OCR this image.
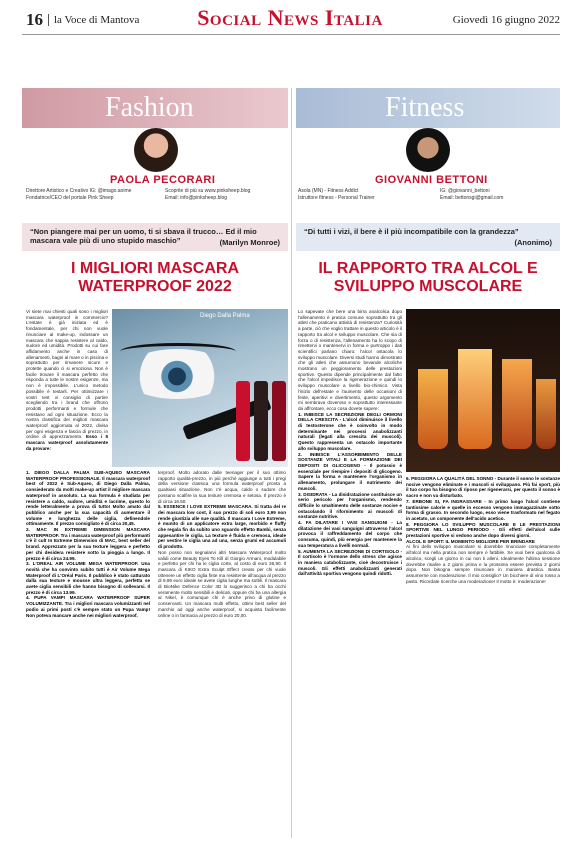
16	la Voce di Mantova	Social News Italia	Giovedì 16 giugno 2022
Fashion
PAOLA PECORARI
Direttore Artistico e Creativo IG: @imago.anime
Fondatrice/CEO del portale Pink Sheep
Scoprite di più su www.pinksheep.blog
Email: info@pinksheep.blog
“Non piangere mai per un uomo, ti si sbava il trucco… Ed il mio mascara vale più di uno stupido maschio”	(Marilyn Monroe)
I MIGLIORI MASCARA WATERPROOF 2022
Vi siete mai chiesti quali sono i migliori mascara waterproof in commercio? L'estate è già iniziata ed è fondamentale, per chi non vuole rinunciare al make-up, indossare un mascara che sappia resistere al caldo, sudore ed umidità. Prodotti su cui fare affidamento anche in caso di allenamenti, bagni al mare o in piscina e soprattutto per rimanere sicure e protette quando ci si emoziona. Non è facile trovare il mascara perfetto che risponda a tutte le nostre esigenze, ma non è impossibile. L'unico metodo possibile è testarli. Per ottimizzare i vostri test vi consiglio di partire scegliendo tra i brand che offrono prodotti performanti e formule che resistano ad ogni situazione. Ecco la nostra classifica dei migliori mascara waterproof aggiornata al 2022, divisa per ogni esigenza e fascia di prezzo, in ordine di apprezzamento. Esso i 5 mascara waterproof assolutamente da provare:
Diego Dalla Palma
1. DIEGO DALLA PALMA SUB-AQUEO MASCARA WATERPROOF PROFESSIONALE. Il mascara waterproof best of 2022 è Sub-Aqueo, di Diego Dalla Palma, consiederato da molti make-up artist il migliore mascara waterproof in assoluto. La sua formula è studiata per resistere a caldo, sudore, umidità e lacrime, questo lo rende letteralmente a prova di tutto! Molto amato dal pubblico anche per la sua capacità di aumentare il volume e lunghezza delle ciglia, definendole ottimamente. Il prezzo consigliato è di circa 20,45.
2. MAC IN EXTREME DIMENSION MASCARA WATERPROOF. Tra i mascara waterproof più performanti c'è il cult In Extreme Dimension di MAC, best seller del brand. Apprezzato per la sua texture leggera e perfetto per chi desidera resistere sotto la pioggia a lungo. Il prezzo è di circa 24.99.
3. L'OREAL AIR VOLUME MEGA WATERPROOF. Una novità che ha convinto subito tutti è Air Volume Mega Waterproof di L'Oréal Paris. Il pubblico è stato catturato dalla sua texture e mousse ultra leggera, perfetta se avete ciglia sensibili che hanno bisogno di sollevarsi. Il prezzo è di circa 13.99.
4. PUPA VAMP! MASCARA WATERPROOF SUPER VOLUMIZZANTE. Tra i migliori mascara volumizzanti nel podio ai primi posti c'è sempre stato un Pupa Vamp! Non poteva mancare anche nei migliori waterproof.
terproof. Molto adorato dalle teenager per il suo ottimo rapporto qualità-prezzo, in più perché aggiunge a tutti i pregi della versione classica una formula waterproof pronta a qualsiasi situazione. Non c'è acqua, caldo o sudore che possano scalfire la sua texture cremosa e setosa. Il prezzo è di circa 16.50.
5. ESSENCE I LOVE EXTREME MASCARA. Si tratta del re dei mascara low cost, il suo prezzo di soli euro 3,99 non rende giustizia alle sue qualità. Il mascara I Love Extreme, è munito di un applicatore extra large, morbido e fluffy che regala fin da subito uno sguardo effetto Bambi, senza appesantire le ciglia. La texture è fluida e cremosa, ideale per vestire le ciglia una ad una, senza grumi ed accumuli di prodotto.
Non posso non segnalarvi altri Mascara Waterproof molto validi come Beauty Eyes To Kill di Giorgio Armani, modulabile e perfetto per chi ha le ciglia corte, al costo di euro 36,90. Il mascara di KIKO Extra Sculpt Effect creato per chi vuole ottenere un effetto ciglia finte ma resistente all'acqua al prezzo di 9,99 euro ideale se avete ciglia lunghe ma sottili. Il mascara di BioNike Defence Color 3D lo suggerisco a chi ha occhi veramente molto sensibili e delicati, oppure chi ha una allergia al Nikel, è comunque chi è anche privo di glutine e conservanti. Un mascara multi effetto, ottimi best seller del marchio ad oggi anche waterproof, si acquista facilmente online o in farmacia al prezzo di euro 20,00.
Fitness
GIOVANNI BETTONI
Asola (MN) - Fitness Addict
Istruttore fitness - Personal Trainer
IG: @giovanni_bettoni
Email: bettonsgi@gmail.com
“Di tutti i vizi, il bere è il più incompatibile con la grandezza”
(Anonimo)
IL RAPPORTO TRA ALCOL E SVILUPPO MUSCOLARE
Lo sapevate che bere una birra analcolica dopo l'allenamento è pratica comune soprattutto tra gli atleti che praticano attività di resistenza? Curiosità a parte, ciò che voglio trattare in questo articolo è il rapporto tra alcol e sviluppo muscolare. Che sia di forza o di resistenza, l'allenamento ha lo scopo di rimettervi o mantenervi in forma e purtroppo i dati scientifici parlano chiaro: l'alcol ostacola lo sviluppo muscolare. Diversi studi hanno dimostrato che gli atleti che assumono bevande alcoliche mostrano un peggioramento delle prestazioni sportive. Questo dipende principalmente dal fatto che l'alcol impedisce la rigenerazione e quindi lo sviluppo muscolare a livello bio-chimico. Vista l'inizio dell'estate e l'aumento delle occasioni di feste, aperitivi e divertimento, questo argomento mi sembrava doveroso e soprattutto interessante da affrontare, ecco cosa dovete sapere:
1. INIBISCE LA SECREZIONE DEGLI ORMONI DELLA CRESCITA - L'alcol diminuisce il livello di testosterone che è coinvolto in modo determinante nei processi anabolizzanti naturali (legati alla crescita dei muscoli). Questo rappresenta un ostacolo importante allo sviluppo muscolare.
2. INIBISCE L'ASSORBIMENTO DELLE SOSTANZE VITALI E LA FORMAZIONE DEI DEPOSITI DI GLICOGENO - Il potassio è essenziale per riempire i depositi di glicogeno. Sapere la forma e mantenere l'organismo in allenamento, prolungare il nutrimento dei muscoli.
3. DISIDRATA - La disidratazione costituisce un serio pericolo per l'organismo, rendendo difficile lo smaltimento delle sostanze nocive e ostacolando il rifornimento ai muscoli di sostanze nutritive.
4. FA DILATARE I VASI SANGUIGNI - La dilatazione dei vasi sanguigni attraverso l'alcol provoca il raffreddamento del corpo che consuma, quindi, più energia per mantenere la sua temperatura a livelli normali.
5. AUMENTA LA SECREZIONE DI CORTISOLO - Il cortisolo è l'ormone dello stress che agisce in maniera catabolizzante, cioè decostruisce i muscoli. Gli effetti anabolizzanti generati dall'attività sportiva vengono quindi ridotti.
6. PEGGIORA LA QUALITÀ DEL SONNO - Durante il sonno le sostanze nocive vengono eliminate e i muscoli si sviluppano. Più fai sport, più il tuo corpo ha bisogno di riposo per rigenerarsi, per questo il sonno è sacro e non va disturbato.
7. ERBONE SI, FA INGRASSARE - In primo luogo l'alcol contiene tantissime calorie e quelle in eccesso vengono immagazzinate sotto forma di grasso. In secondo luogo, esso viene trasformato nel fegato in acetato, un componente dell'acido acetico.
8. PEGGIORA LO SVILUPPO MUSCOLARE E LE PRESTAZIONI SPORTIVE NEL LUNGO PERIODO - Gli effetti dell'alcol sulle prestazioni sportive si vedono anche dopo diversi giorni.
ALCOL E SPORT: IL MOMENTO MIGLIORE PER BRINDARE
Ai fini dello sviluppo muscolare si dovrebbe rinunciare completamente all'alcol ma nella pratica non sempre è fattibile. Se vuoi bere qualcosa di alcolico, scegli un giorno in cui non ti alleni. Idealmente l'ultima sessione dovrebbe risalire a 2 giorni prima e la prossima essere prevista 2 giorni dopo. Non bisogna sempre rinunciare in maniera drastica. Basta assumerne con moderazione. Il mio consiglio? Un bicchiere di vino rosso a pasto. Ricordate ricerche una moderazione! Il motto è: moderazione!
